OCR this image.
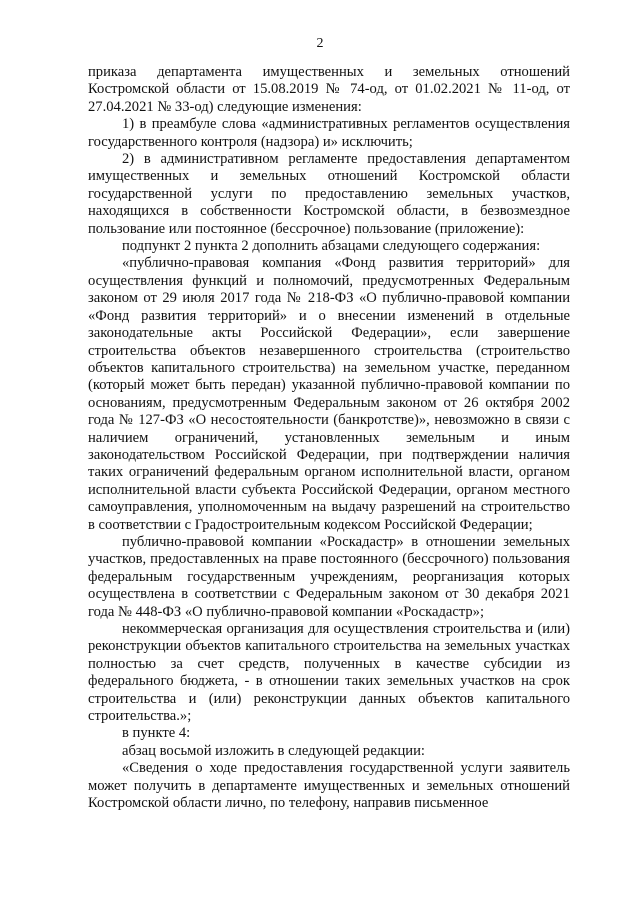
2

приказа департамента имущественных и земельных отношений Костромской области от 15.08.2019 № 74-од, от 01.02.2021 № 11-од, от 27.04.2021 № 33-од) следующие изменения:

1) в преамбуле слова «административных регламентов осуществления государственного контроля (надзора) и» исключить;

2) в административном регламенте предоставления департаментом имущественных и земельных отношений Костромской области государственной услуги по предоставлению земельных участков, находящихся в собственности Костромской области, в безвозмездное пользование или постоянное (бессрочное) пользование (приложение):

подпункт 2 пункта 2 дополнить абзацами следующего содержания:

«публично-правовая компания «Фонд развития территорий» для осуществления функций и полномочий, предусмотренных Федеральным законом от 29 июля 2017 года № 218-ФЗ «О публично-правовой компании «Фонд развития территорий» и о внесении изменений в отдельные законодательные акты Российской Федерации», если завершение строительства объектов незавершенного строительства (строительство объектов капитального строительства) на земельном участке, переданном (который может быть передан) указанной публично-правовой компании по основаниям, предусмотренным Федеральным законом от 26 октября 2002 года № 127-ФЗ «О несостоятельности (банкротстве)», невозможно в связи с наличием ограничений, установленных земельным и иным законодательством Российской Федерации, при подтверждении наличия таких ограничений федеральным органом исполнительной власти, органом исполнительной власти субъекта Российской Федерации, органом местного самоуправления, уполномоченным на выдачу разрешений на строительство в соответствии с Градостроительным кодексом Российской Федерации;

публично-правовой компании «Роскадастр» в отношении земельных участков, предоставленных на праве постоянного (бессрочного) пользования федеральным государственным учреждениям, реорганизация которых осуществлена в соответствии с Федеральным законом от 30 декабря 2021 года № 448-ФЗ «О публично-правовой компании «Роскадастр»;

некоммерческая организация для осуществления строительства и (или) реконструкции объектов капитального строительства на земельных участках полностью за счет средств, полученных в качестве субсидии из федерального бюджета, - в отношении таких земельных участков на срок строительства и (или) реконструкции данных объектов капитального строительства.»;

в пункте 4:

абзац восьмой изложить в следующей редакции:

«Сведения о ходе предоставления государственной услуги заявитель может получить в департаменте имущественных и земельных отношений Костромской области лично, по телефону, направив письменное
